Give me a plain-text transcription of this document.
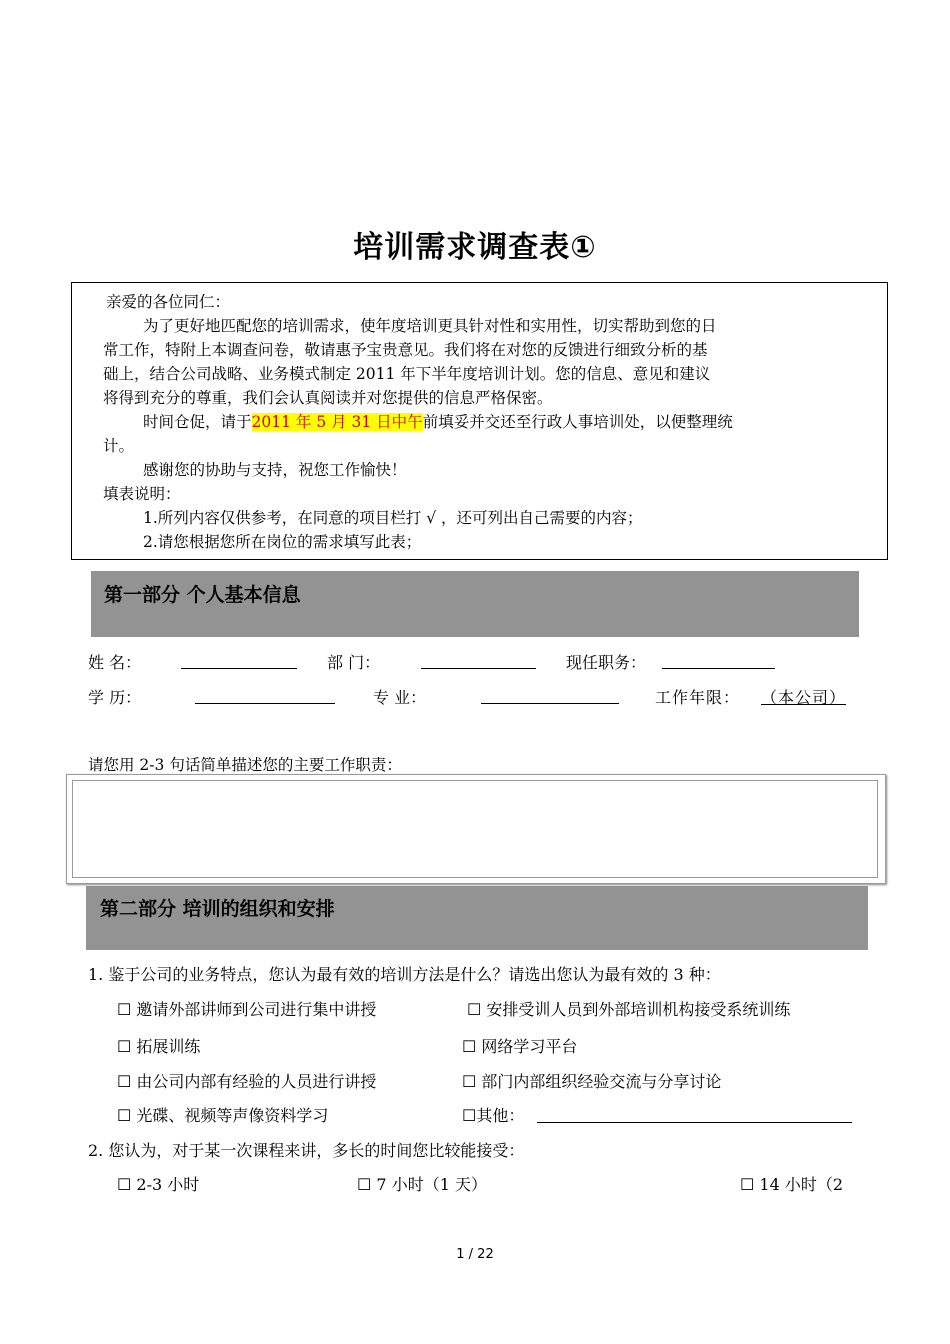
培训需求调查表①
亲爱的各位同仁：
为了更好地匹配您的培训需求，使年度培训更具针对性和实用性，切实帮助到您的日
常工作，特附上本调查问卷，敬请惠予宝贵意见。我们将在对您的反馈进行细致分析的基
础上，结合公司战略、业务模式制定 2011 年下半年度培训计划。您的信息、意见和建议
将得到充分的尊重，我们会认真阅读并对您提供的信息严格保密。
时间仓促，请于2011 年 5 月 31 日中午前填妥并交还至行政人事培训处，以便整理统
计。
感谢您的协助与支持，祝您工作愉快！
填表说明：
1.所列内容仅供参考，在同意的项目栏打 √ ，还可列出自己需要的内容；
2.请您根据您所在岗位的需求填写此表；
第一部分 个人基本信息
姓 名：	部 门：	现任职务：
学 历：	专 业：	工作年限： （本公司）
请您用 2-3 句话简单描述您的主要工作职责：
第二部分 培训的组织和安排
1. 鉴于公司的业务特点，您认为最有效的培训方法是什么？请选出您认为最有效的 3 种：
☐ 邀请外部讲师到公司进行集中讲授	☐ 安排受训人员到外部培训机构接受系统训练
☐ 拓展训练	☐ 网络学习平台
☐ 由公司内部有经验的人员进行讲授	☐ 部门内部组织经验交流与分享讨论
☐ 光碟、视频等声像资料学习	☐其他：
2. 您认为，对于某一次课程来讲，多长的时间您比较能接受：
☐ 2-3 小时	☐ 7 小时（1 天）	☐ 14 小时（2
1 / 22
